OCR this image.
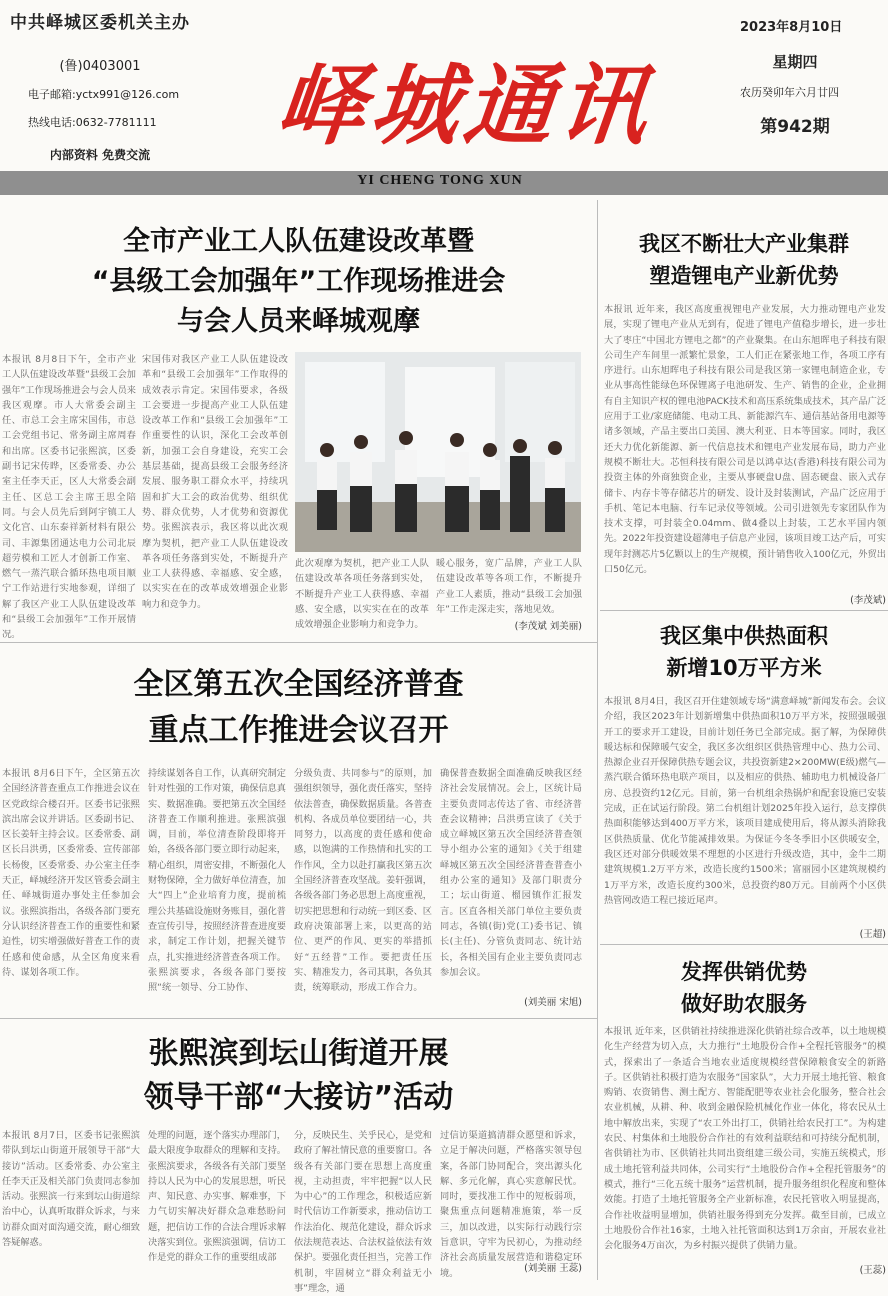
中共峄城区委机关主办
(鲁)0403001
电子邮箱:yctx991@126.com
热线电话:0632-7781111
内部资料 免费交流	峄城通讯
2023年8月10日
星期四
农历癸卯年六月廿四
第942期
YI CHENG TONG XUN
全市产业工人队伍建设改革暨
“县级工会加强年”工作现场推进会
与会人员来峄城观摩
本报讯 8月8日下午，全市产业工人队伍建设改革暨“县级工会加强年”工作现场推进会与会人员来我区观摩。市人大常委会副主任、市总工会主席宋国伟，市总工会党组书记、常务副主席周春和出席。区委书记张熙滨，区委副书记宋传晔，区委常委、办公室主任李天正，区人大常委会副主任、区总工会主席王思全陪同。与会人员先后到阿宇镇工人文化宫、山东泰祥新材料有限公司、丰源集团通达电力公司北辰超劳模和工匠人才创新工作室、燃气一蒸汽联合循环热电项目顺宁工作站进行实地参观，详细了解了我区产业工人队伍建设改革和“县级工会加强年”工作开展情况。
宋国伟对我区产业工人队伍建设改革和“县级工会加强年”工作取得的成效表示肯定。宋国伟要求，各级工会要进一步提高产业工人队伍建设改革工作和“县级工会加强年”工作重要性的认识，深化工会改革创新，加强工会自身建设，充实工会基层基础，提高县级工会服务经济发展、服务职工群众水平，持续巩固和扩大工会的政治优势、组织优势、群众优势，人才优势和资源优势。张熙滨表示，我区将以此次观摩为契机，把产业工人队伍建设改革各项任务落到实处，不断提升产业工人获得感、幸福感、安全感，以实实在在的改革成效增强企业影响力和竞争力。
此次观摩为契机，把产业工人队伍建设改革各项任务落到实处，不断提升产业工人获得感、幸福感、安全感，以实实在在的改革成效增强企业影响力和竞争力。
暖心服务，宽广品牌，产业工人队伍建设改革等各项工作，不断提升产业工人素质，推动“县级工会加强年”工作走深走实，落地见效。
(李茂斌 刘美丽)
全区第五次全国经济普查
重点工作推进会议召开
本报讯 8月6日下午，全区第五次全国经济普查重点工作推进会议在区党政综合楼召开。区委书记张熙滨出席会议并讲话。区委副书记、区长姜轩主持会议。区委常委、副区长吕洪勇，区委常委、宣传部部长杨俊，区委常委、办公室主任李天正，峄城经济开发区管委会副主任、峄城街道办事处主任参加会议。张熙滨指出，各级各部门要充分认识经济普查工作的重要性和紧迫性，切实增强做好普查工作的责任感和使命感，从全区角度来看待、谋划各项工作。
持续谋划各自工作，认真研究制定针对性强的工作对策，确保信息真实、数据准确。要把第五次全国经济普查工作顺利推进。张熙滨强调，目前，举位清查阶段即将开始，各级各部门要立即行动起来，精心组织，周密安排，不断强化人财物保障，全力做好单位清查，加大“四上”企业培育力度，提前梳理公共基础设施财务账目，强化普查宣传引导，按照经济普查进度要求，制定工作计划，把握关键节点，扎实推进经济普查各项工作。张熙滨要求，各级各部门要按照“统一领导、分工协作、
分级负责、共同参与”的原则，加强组织领导，强化责任落实，坚持依法普查，确保数据质量。各普查机构、各成员单位要团结一心，共同努力，以高度的责任感和使命感，以饱满的工作热情和扎实的工作作风，全力以赴打赢我区第五次全国经济普查攻坚战。姜轩强调，各级各部门务必思想上高度重视，切实把思想和行动统一到区委、区政府决策部署上来，以更高的站位、更严的作风、更实的举措抓好“五经普”工作。要把责任压实、精准发力，各司其职，各负其责，统筹联动，形成工作合力。
确保普查数据全面准确反映我区经济社会发展情况。会上，区统计局主要负责同志传达了省、市经济普查会议精神；吕洪勇宣读了《关于成立峄城区第五次全国经济普查领导小组办公室的通知》《关于组建峄城区第五次全国经济普查普查小组办公室的通知》及部门职责分工；坛山街道、榴园镇作汇报发言。区直各相关部门单位主要负责同志，各镇(街)党(工)委书记、镇长(主任)、分管负责同志、统计站长，各相关国有企业主要负责同志参加会议。
(刘美丽 宋旭)
张熙滨到坛山街道开展
领导干部“大接访”活动
本报讯 8月7日，区委书记张熙滨带队到坛山街道开展领导干部“大接访”活动。区委常委、办公室主任李天正及相关部门负责同志参加活动。张熙滨一行来到坛山街道综治中心，认真听取群众诉求，与来访群众面对面沟通交流，耐心细致答疑解惑。
处理的问题，逐个落实办理部门，最大限度争取群众的理解和支持。张熙滨要求，各级各有关部门要坚持以人民为中心的发展思想，听民声、知民意、办实事、解难事，下力气切实解决好群众急难愁盼问题，把信访工作的合法合理诉求解决落实到位。张熙滨强调，信访工作是党的群众工作的重要组成部
分，反映民生、关乎民心，是党和政府了解社情民意的重要窗口。各级各有关部门要在思想上高度重视，主动担责，牢牢把握“以人民为中心”的工作理念，积极适应新时代信访工作新要求，推动信访工作法治化、规范化建设，群众诉求依法规范表达、合法权益依法有效保护。要强化责任担当，完善工作机制，牢固树立“群众利益无小事”理念，通
过信访渠道搞清群众愿望和诉求，立足于解决问题，严格落实领导包案，各部门协同配合，突出源头化解、多元化解，真心实意解民忧。同时，要找准工作中的短板弱项，聚焦重点问题精准施策，举一反三，加以改进，以实际行动践行宗旨意识，守牢为民初心，为推动经济社会高质量发展营造和谐稳定环境。	(刘美丽 王蕊)
我区不断壮大产业集群
塑造锂电产业新优势
本报讯 近年来，我区高度重视锂电产业发展，大力推动锂电产业发展，实现了锂电产业从无到有，促进了锂电产值稳步增长，进一步壮大了枣庄“中国北方锂电之都”的产业聚集。在山东旭晖电子科技有限公司生产车间里一派繁忙景象，工人们正在紧张地工作，各项工序有序进行。山东旭晖电子科技有限公司是我区第一家锂电制造企业，专业从事高性能绿色环保锂离子电池研发、生产、销售的企业，企业拥有自主知识产权的锂电池PACK技术和高压系统集成技术，其产品广泛应用于工业/家庭储能、电动工具、新能源汽车、通信基站备用电源等诸多领域，产品主要出口美国、澳大利亚、日本等国家。同时，我区还大力优化新能源、新一代信息技术和锂电产业发展布局，助力产业规模不断壮大。芯恒科技有限公司是以鸿卓达(香港)科技有限公司为投资主体的外商独资企业，主要从事硬盘U盘、固态硬盘、嵌入式存储卡、内存卡等存储芯片的研发、设计及封装测试，产品广泛应用于手机、笔记本电脑、行车记录仪等领域。公司引进领先专家团队作为技术支撑，可封装全0.04mm、做4叠以上封装，工艺水平国内领先。2022年投资建设超薄电子信息产业园，该项目竣工达产后，可实现年封测芯片5亿颗以上的生产规模，预计销售收入100亿元，外贸出口50亿元。
(李茂斌)
我区集中供热面积
新增10万平方米
本报讯 8月4日，我区召开住建领域专场“满意峄城”新闻发布会。会议介绍，我区2023年计划新增集中供热面积10万平方米，按照强暖强开工的要求开工建设，目前计划任务已全部完成。据了解，为保障供暖达标和保障暖气安全，我区多次组织区供热管理中心、热力公司、热源企业召开保障供热专题会议，共投资新建2×200MW(E级)燃气—蒸汽联合循环热电联产项目，以及相应的供热、辅助电力机械设备厂房、总投资约12亿元。目前，第一台机组余热锅炉和配套设施已安装完成，正在试运行阶段。第二台机组计划2025年投入运行，总支撑供热面积能够达到400万平方米，该项目建成使用后，将从源头消除我区供热质量、优化节能减排效果。为保证今冬冬季旧小区供暖安全，我区还对部分供暖效果不理想的小区进行升级改造，其中，金牛二期建筑规模1.2万平方米，改造长度约1500米；富丽园小区建筑规模约1万平方米，改造长度约300米，总投资约80万元。目前两个小区供热管网改造工程已接近尾声。
(王超)
发挥供销优势
做好助农服务
本报讯 近年来，区供销社持续推进深化供销社综合改革，以土地规模化生产经营为切入点，大力推行“土地股份合作+全程托管服务”的模式，探索出了一条适合当地农业适度规模经营保障粮食安全的新路子。区供销社积极打造为农服务“国家队”，大力开展土地托管、粮食购销、农资销售、测土配方、智能配肥等农业社会化服务，整合社会农业机械，从耕、种、收到金融保险机械化作业一体化，将农民从土地中解放出来，实现了“农工外出打工，供销社给农民打工”。为构建农民、村集体和土地股份合作社的有效利益联结和可持续分配机制，省供销社为市、区供销社共同出资组建三级公司，实施五统模式，形成土地托管利益共同体，公司实行“土地股份合作+全程托管服务”的模式，推行“三化五统十服务”运营机制，提升服务组织化程度和整体效能。打造了土地托管服务全产业新标准，农民托管收入明显提高，合作社收益明显增加，供销社服务得到充分发挥。截至目前，已成立土地股份合作社16家，土地入社托管面积达到1万余亩，开展农业社会化服务4万亩次，为乡村振兴提供了供销力量。
(王蕊)
